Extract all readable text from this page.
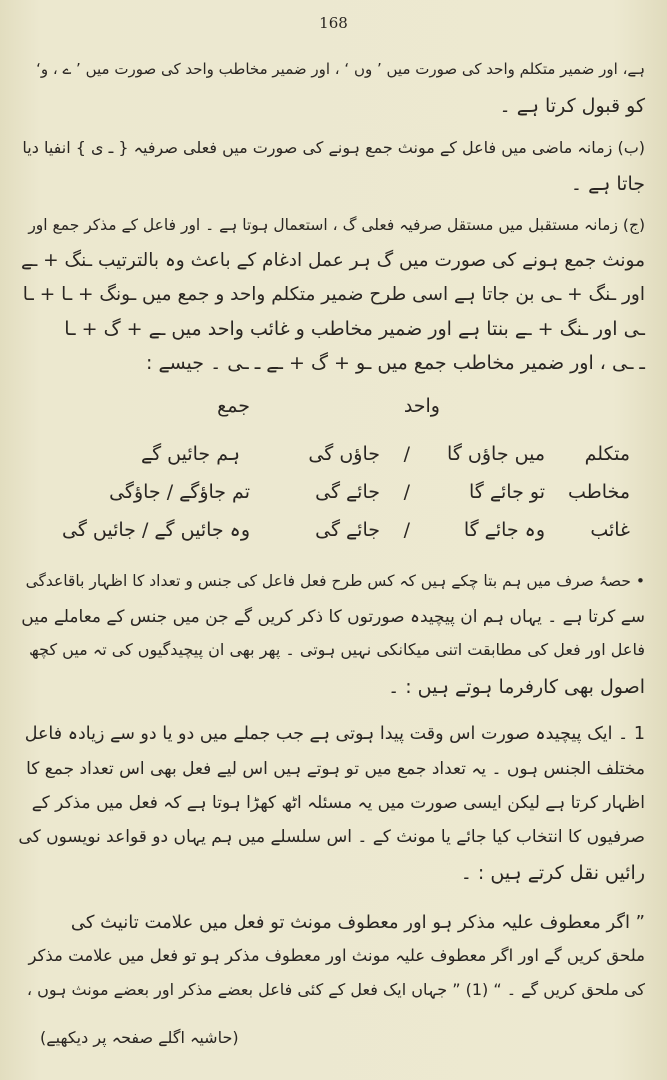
168
ہے، اور ضمیر متکلم واحد کی صورت میں ’ وں ‘ ، اور ضمیر مخاطب واحد کی صورت میں ’ ے ، و‘
کو قبول کرتا ہے ۔
(ب) زمانہ ماضی میں فاعل کے مونث جمع ہونے کی صورت میں فعلی صرفیہ { ـ ی } انفیا دیا
جاتا ہے ۔
(ج) زمانہ مستقبل میں مستقل صرفیہ فعلی گ ، استعمال ہوتا ہے ۔ اور فاعل کے مذکر جمع اور
مونث جمع ہونے کی صورت میں گ ہر عمل ادغام کے باعث وہ بالترتیب ـنگ + ـے
اور ـنگ + ـی بن جاتا ہے اسی طرح ضمیر متکلم واحد و جمع میں ـونگ + ـا + ـا
ـی اور ـنگ + ـے بنتا ہے اور ضمیر مخاطب و غائب واحد میں ـے + گ + ـا
ـ ـی ، اور ضمیر مخاطب جمع میں ـو + گ + ـے ـ ـی ۔ جیسے :
واحد
جمع
متکلم
میں جاؤں گا
/
جاؤں گی
ہم جائیں گے
مخاطب
تو جائے گا
/
جائے گی
تم جاؤگے / جاؤگی
غائب
وہ جائے گا
/
جائے گی
وہ جائیں گے / جائیں گی
• حصۂ صرف میں ہم بتا چکے ہیں کہ کس طرح فعل فاعل کی جنس و تعداد کا اظہار باقاعدگی
سے کرتا ہے ۔ یہاں ہم ان پیچیدہ صورتوں کا ذکر کریں گے جن میں جنس کے معاملے میں
فاعل اور فعل کی مطابقت اتنی میکانکی نہیں ہوتی ۔ پھر بھی ان پیچیدگیوں کی تہ میں کچھ
اصول بھی کارفرما ہوتے ہیں : ۔
1 ۔ ایک پیچیدہ صورت اس وقت پیدا ہوتی ہے جب جملے میں دو یا دو سے زیادہ فاعل
مختلف الجنس ہوں ۔ یہ تعداد جمع میں تو ہوتے ہیں اس لیے فعل بھی اس تعداد جمع کا
اظہار کرتا ہے لیکن ایسی صورت میں یہ مسئلہ اٹھ کھڑا ہوتا ہے کہ فعل میں مذکر کے
صرفیوں کا انتخاب کیا جائے یا مونث کے ۔ اس سلسلے میں ہم یہاں دو قواعد نویسوں کی
رائیں نقل کرتے ہیں : ۔
” اگر معطوف علیہ مذکر ہو اور معطوف مونث تو فعل میں علامت تانیث کی
ملحق کریں گے اور اگر معطوف علیہ مونث اور معطوف مذکر ہو تو فعل میں علامت مذکر
کی ملحق کریں گے ۔ “ (1) ” جہاں ایک فعل کے کئی فاعل بعضے مذکر اور بعضے مونث ہوں ،
(حاشیہ اگلے صفحہ پر دیکھیے)
